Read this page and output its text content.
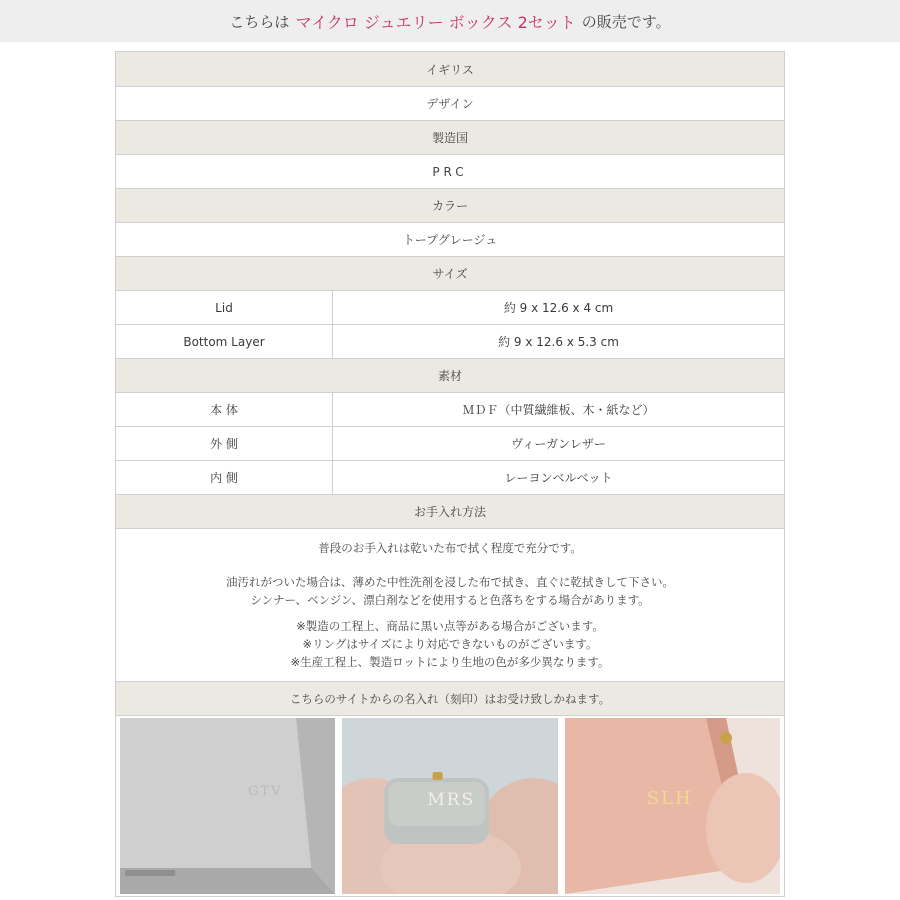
こちらは マイクロ ジュエリー ボックス 2セット の販売です。
イギリス
デザイン
製造国
PRC
カラー
トープグレージュ
サイズ
Lid	約 9 x 12.6 x 4 cm
Bottom Layer	約 9 x 12.6 x 5.3 cm
素材
本 体	ＭＤＦ（中質繊維板、木・紙など）
外 側	ヴィーガンレザー
内 側	レーヨンベルベット
お手入れ方法

普段のお手入れは乾いた布で拭く程度で充分です。

油汚れがついた場合は、薄めた中性洗剤を浸した布で拭き、直ぐに乾拭きして下さい。

シンナー、ベンジン、漂白剤などを使用すると色落ちをする場合があります。

※製造の工程上、商品に黒い点等がある場合がございます。

※リングはサイズにより対応できないものがございます。

※生産工程上、製造ロットにより生地の色が多少異なります。

こちらのサイトからの名入れ（刻印）はお受け致しかねます。
GTV	MRS	SLH
